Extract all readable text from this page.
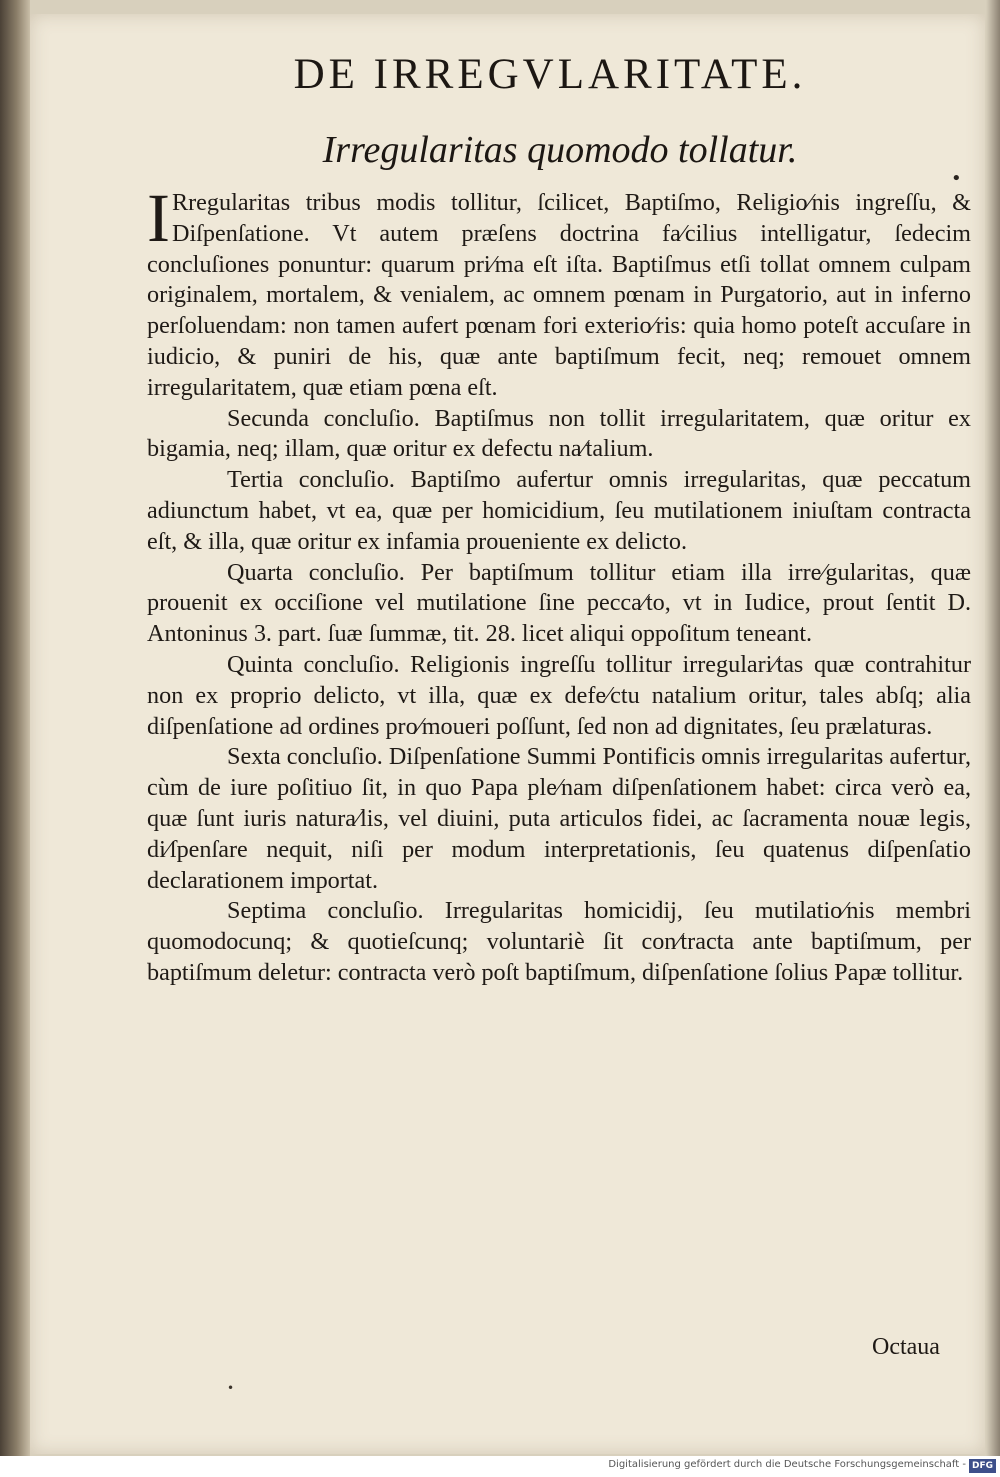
DE IRREGVLARITATE.
Irregularitas quomodo tollatur.
•

I Rregularitas tribus modis tollitur, ſcilicet, Baptiſmo, Religio⁄nis ingreſſu, & Diſpenſatione. Vt autem præſens doctrina fa⁄cilius intelligatur, ſedecim concluſiones ponuntur: quarum pri⁄ma eſt iſta. Baptiſmus etſi tollat omnem culpam originalem, mortalem, & venialem, ac omnem pœnam in Purgatorio, aut in inferno perſoluendam: non tamen aufert pœnam fori exterio⁄ris: quia homo poteſt accuſare in iudicio, & puniri de his, quæ ante baptiſmum fecit, neq; remouet omnem irregularitatem, quæ etiam pœna eſt.

Secunda concluſio. Baptiſmus non tollit irregularitatem, quæ oritur ex bigamia, neq; illam, quæ oritur ex defectu na⁄talium.

Tertia concluſio. Baptiſmo aufertur omnis irregularitas, quæ peccatum adiunctum habet, vt ea, quæ per homicidium, ſeu mutilationem iniuſtam contracta eſt, & illa, quæ oritur ex infamia proueniente ex delicto.

Quarta concluſio. Per baptiſmum tollitur etiam illa irre⁄gularitas, quæ prouenit ex occiſione vel mutilatione ſine pecca⁄to, vt in Iudice, prout ſentit D. Antoninus 3. part. ſuæ ſummæ, tit. 28. licet aliqui oppoſitum teneant.

Quinta concluſio. Religionis ingreſſu tollitur irregulari⁄tas quæ contrahitur non ex proprio delicto, vt illa, quæ ex defe⁄ctu natalium oritur, tales abſq; alia diſpenſatione ad ordines pro⁄moueri poſſunt, ſed non ad dignitates, ſeu prælaturas.

Sexta concluſio. Diſpenſatione Summi Pontificis omnis irregularitas aufertur, cùm de iure poſitiuo ſit, in quo Papa ple⁄nam diſpenſationem habet: circa verò ea, quæ ſunt iuris natura⁄lis, vel diuini, puta articulos fidei, ac ſacramenta nouæ legis, di⁄ſpenſare nequit, niſi per modum interpretationis, ſeu quatenus diſpenſatio declarationem importat.

Septima concluſio. Irregularitas homicidij, ſeu mutilatio⁄nis membri quomodocunq; & quotieſcunq; voluntariè ſit con⁄tracta ante baptiſmum, per baptiſmum deletur: contracta verò poſt baptiſmum, diſpenſatione ſolius Papæ tollitur.

Octaua
•
Digitalisierung gefördert durch die Deutsche Forschungsgemeinschaft - DFG
